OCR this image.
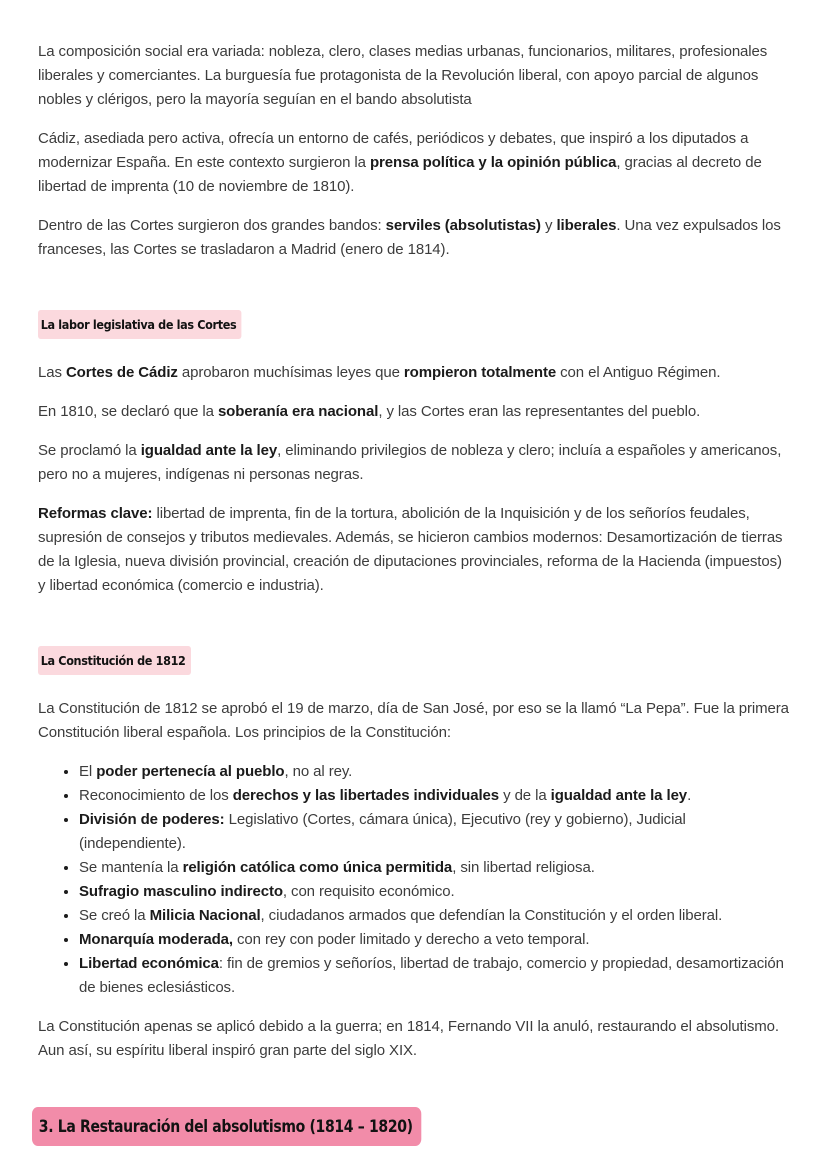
La composición social era variada: nobleza, clero, clases medias urbanas, funcionarios, militares, profesionales liberales y comerciantes. La burguesía fue protagonista de la Revolución liberal, con apoyo parcial de algunos nobles y clérigos, pero la mayoría seguían en el bando absolutista

Cádiz, asediada pero activa, ofrecía un entorno de cafés, periódicos y debates, que inspiró a los diputados a modernizar España. En este contexto surgieron la prensa política y la opinión pública, gracias al decreto de libertad de imprenta (10 de noviembre de 1810).

Dentro de las Cortes surgieron dos grandes bandos: serviles (absolutistas) y liberales. Una vez expulsados los franceses, las Cortes se trasladaron a Madrid (enero de 1814).

La labor legislativa de las Cortes

Las Cortes de Cádiz aprobaron muchísimas leyes que rompieron totalmente con el Antiguo Régimen.

En 1810, se declaró que la soberanía era nacional, y las Cortes eran las representantes del pueblo.

Se proclamó la igualdad ante la ley, eliminando privilegios de nobleza y clero; incluía a españoles y americanos, pero no a mujeres, indígenas ni personas negras.

Reformas clave: libertad de imprenta, fin de la tortura, abolición de la Inquisición y de los señoríos feudales, supresión de consejos y tributos medievales. Además, se hicieron cambios modernos: Desamortización de tierras de la Iglesia, nueva división provincial, creación de diputaciones provinciales, reforma de la Hacienda (impuestos) y libertad económica (comercio e industria).

La Constitución de 1812

La Constitución de 1812 se aprobó el 19 de marzo, día de San José, por eso se la llamó “La Pepa”. Fue la primera Constitución liberal española. Los principios de la Constitución:

• El poder pertenecía al pueblo, no al rey.
• Reconocimiento de los derechos y las libertades individuales y de la igualdad ante la ley.
• División de poderes: Legislativo (Cortes, cámara única), Ejecutivo (rey y gobierno), Judicial (independiente).
• Se mantenía la religión católica como única permitida, sin libertad religiosa.
• Sufragio masculino indirecto, con requisito económico.
• Se creó la Milicia Nacional, ciudadanos armados que defendían la Constitución y el orden liberal.
• Monarquía moderada, con rey con poder limitado y derecho a veto temporal.
• Libertad económica: fin de gremios y señoríos, libertad de trabajo, comercio y propiedad, desamortización de bienes eclesiásticos.

La Constitución apenas se aplicó debido a la guerra; en 1814, Fernando VII la anuló, restaurando el absolutismo. Aun así, su espíritu liberal inspiró gran parte del siglo XIX.

3. La Restauración del absolutismo (1814 – 1820)
